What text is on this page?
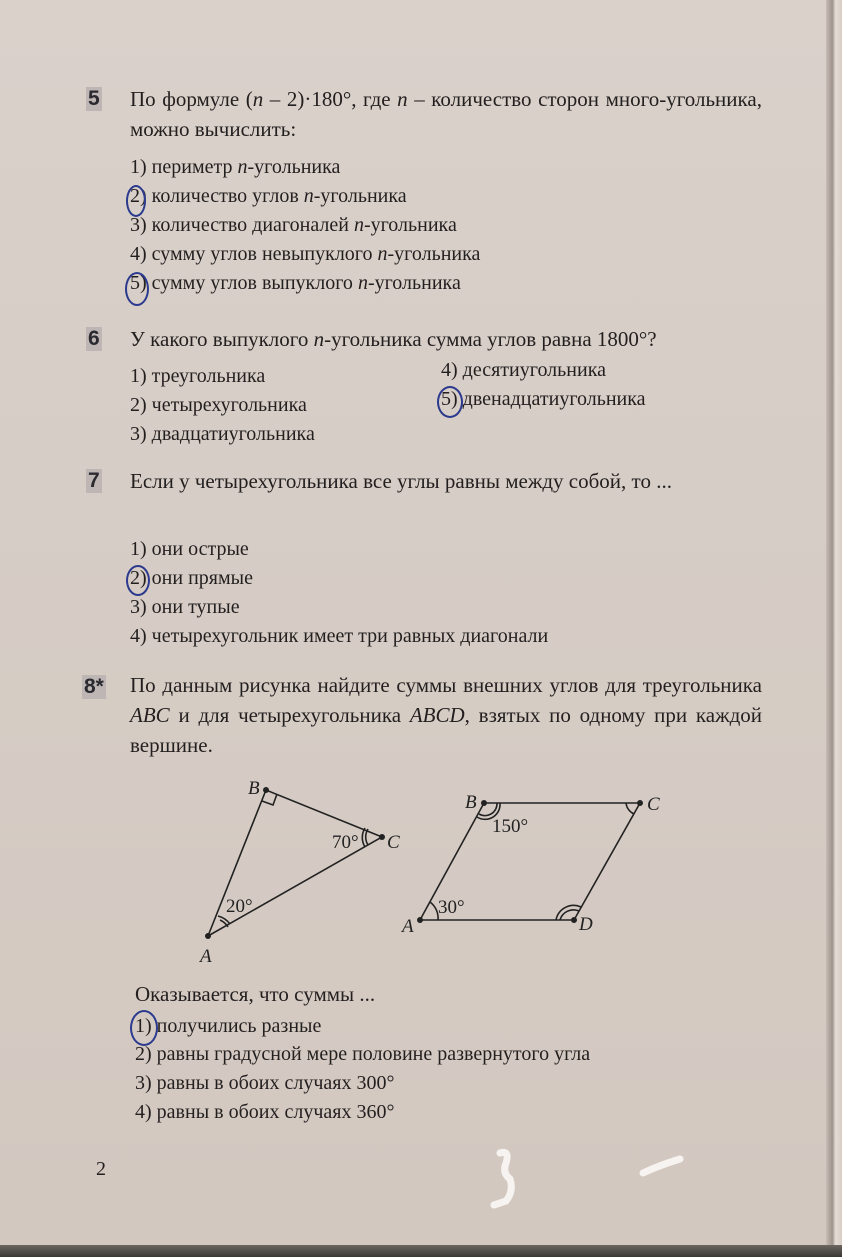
5 По формуле (n – 2)·180°, где n – количество сторон много-угольника, можно вычислить:
1) периметр n-угольника
2) количество углов n-угольника
3) количество диагоналей n-угольника
4) сумму углов невыпуклого n-угольника
5) сумму углов выпуклого n-угольника
6 У какого выпуклого n-угольника сумма углов равна 1800°?
1) треугольника
2) четырехугольника
3) двадцатиугольника
4) десятиугольника
5) двенадцатиугольника
7 Если у четырехугольника все углы равны между собой, то ...
1) они острые
2) они прямые
3) они тупые
4) четырехугольник имеет три равных диагонали
8* По данным рисунка найдите суммы внешних углов для треугольника ABC и для четырехугольника ABCD, взятых по одному при каждой вершине.
A
B
C
70°
20°
A
B	C
D
150°
30°
Оказывается, что суммы ...
1) получились разные
2) равны градусной мере половине развернутого угла
3) равны в обоих случаях 300°
4) равны в обоих случаях 360°
2
